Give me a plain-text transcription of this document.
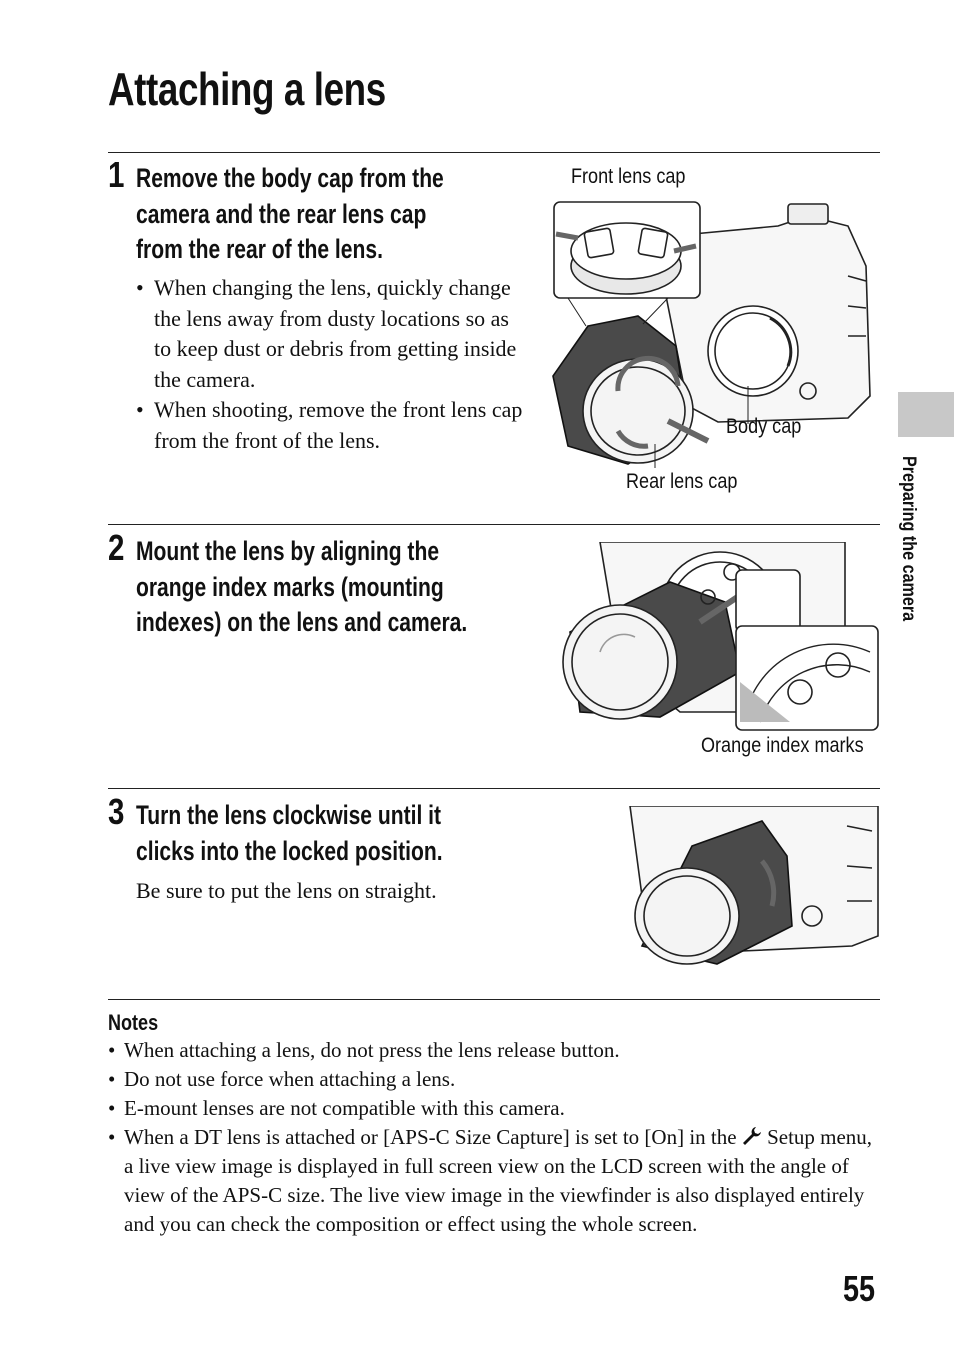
Attaching a lens
1 Remove the body cap from the
camera and the rear lens cap
from the rear of the lens.
• When changing the lens, quickly change the lens away from dusty locations so as to keep dust or debris from getting inside the camera.
• When shooting, remove the front lens cap from the front of the lens.
Front lens cap
Body cap
Rear lens cap
2 Mount the lens by aligning the
orange index marks (mounting
indexes) on the lens and camera.
Orange index marks
3 Turn the lens clockwise until it
clicks into the locked position.
Be sure to put the lens on straight.
Notes
• When attaching a lens, do not press the lens release button.
• Do not use force when attaching a lens.
• E-mount lenses are not compatible with this camera.
• When a DT lens is attached or [APS-C Size Capture] is set to [On] in the Setup menu, a live view image is displayed in full screen view on the LCD screen with the angle of view of the APS-C size. The live view image in the viewfinder is also displayed entirely and you can check the composition or effect using the whole screen.
Preparing the camera
55
